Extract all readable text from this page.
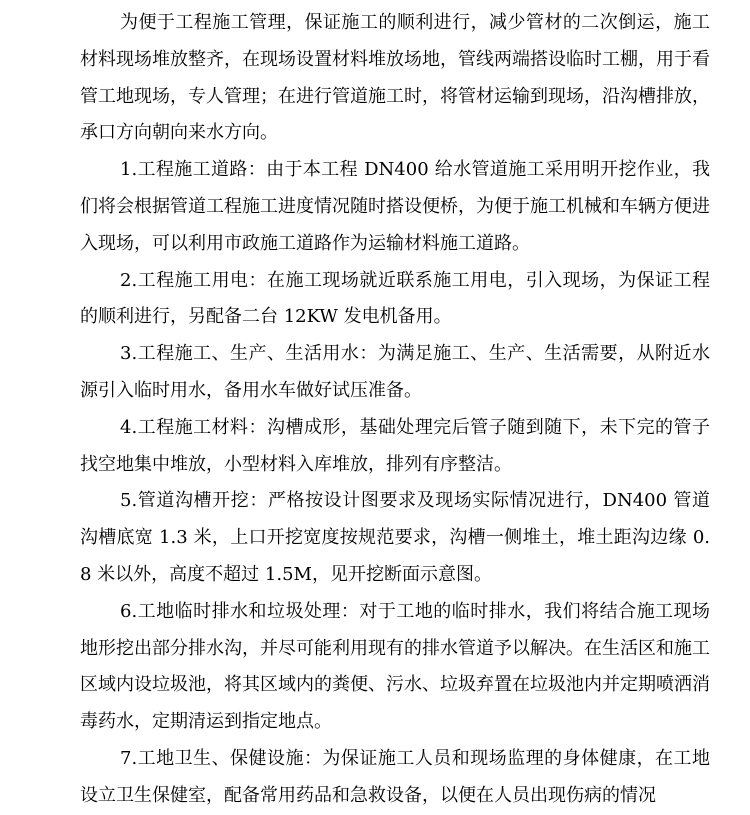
为便于工程施工管理，保证施工的顺利进行，减少管材的二次倒运，施工材料现场堆放整齐，在现场设置材料堆放场地，管线两端搭设临时工棚，用于看管工地现场，专人管理；在进行管道施工时，将管材运输到现场，沿沟槽排放，承口方向朝向来水方向。

1.工程施工道路：由于本工程 DN400 给水管道施工采用明开挖作业，我们将会根据管道工程施工进度情况随时搭设便桥，为便于施工机械和车辆方便进入现场，可以利用市政施工道路作为运输材料施工道路。

2.工程施工用电：在施工现场就近联系施工用电，引入现场，为保证工程的顺利进行，另配备二台 12KW 发电机备用。

3.工程施工、生产、生活用水：为满足施工、生产、生活需要，从附近水源引入临时用水，备用水车做好试压准备。

4.工程施工材料：沟槽成形，基础处理完后管子随到随下，未下完的管子找空地集中堆放，小型材料入库堆放，排列有序整洁。

5.管道沟槽开挖：严格按设计图要求及现场实际情况进行，DN400 管道沟槽底宽 1.3 米，上口开挖宽度按规范要求，沟槽一侧堆土，堆土距沟边缘 0.8 米以外，高度不超过 1.5M，见开挖断面示意图。

6.工地临时排水和垃圾处理：对于工地的临时排水，我们将结合施工现场地形挖出部分排水沟，并尽可能利用现有的排水管道予以解决。在生活区和施工区域内设垃圾池，将其区域内的粪便、污水、垃圾弃置在垃圾池内并定期喷洒消毒药水，定期清运到指定地点。

7.工地卫生、保健设施：为保证施工人员和现场监理的身体健康，在工地设立卫生保健室，配备常用药品和急救设备，以便在人员出现伤病的情况
